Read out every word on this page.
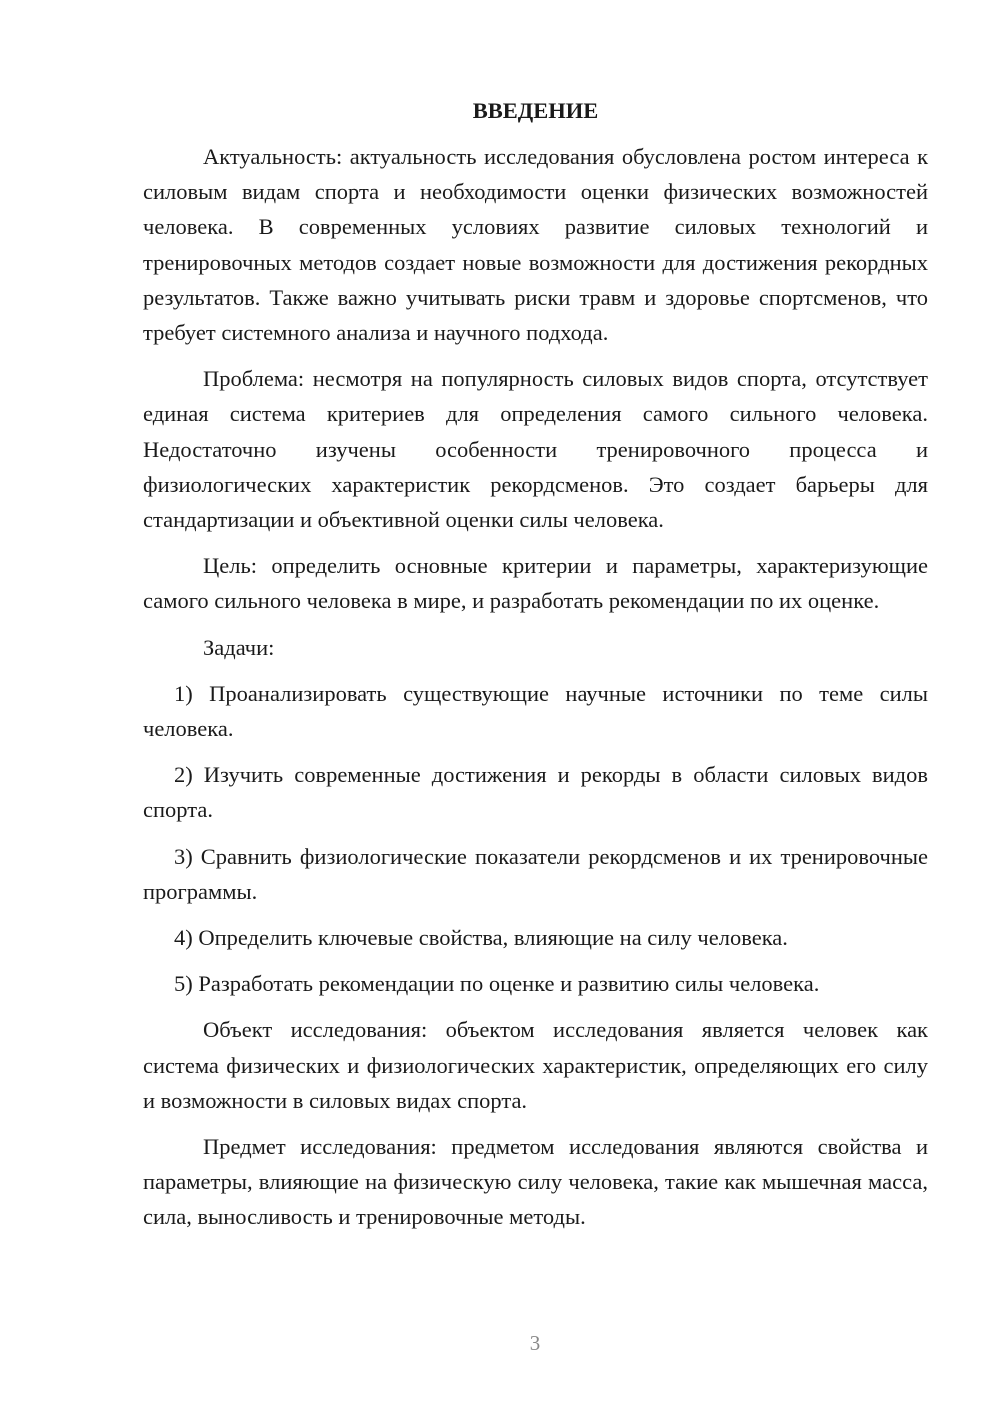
ВВЕДЕНИЕ

Актуальность: актуальность исследования обусловлена ростом интереса к силовым видам спорта и необходимости оценки физических возможностей человека. В современных условиях развитие силовых технологий и тренировочных методов создает новые возможности для достижения рекордных результатов. Также важно учитывать риски травм и здоровье спортсменов, что требует системного анализа и научного подхода.

Проблема: несмотря на популярность силовых видов спорта, отсутствует единая система критериев для определения самого сильного человека. Недостаточно изучены особенности тренировочного процесса и физиологических характеристик рекордсменов. Это создает барьеры для стандартизации и объективной оценки силы человека.

Цель: определить основные критерии и параметры, характеризующие самого сильного человека в мире, и разработать рекомендации по их оценке.

Задачи:

1) Проанализировать существующие научные источники по теме силы человека.

2) Изучить современные достижения и рекорды в области силовых видов спорта.

3) Сравнить физиологические показатели рекордсменов и их тренировочные программы.

4) Определить ключевые свойства, влияющие на силу человека.

5) Разработать рекомендации по оценке и развитию силы человека.

Объект исследования: объектом исследования является человек как система физических и физиологических характеристик, определяющих его силу и возможности в силовых видах спорта.

Предмет исследования: предметом исследования являются свойства и параметры, влияющие на физическую силу человека, такие как мышечная масса, сила, выносливость и тренировочные методы.

3
